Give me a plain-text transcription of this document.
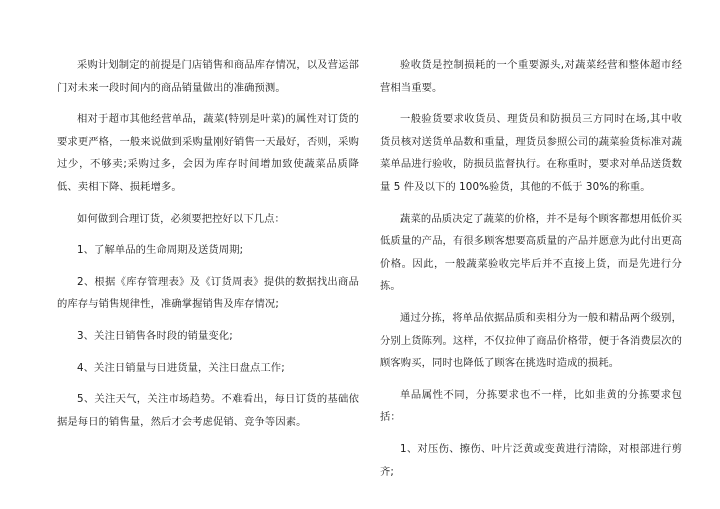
采购计划制定的前提是门店销售和商品库存情况，以及营运部门对未来一段时间内的商品销量做出的准确预测。

相对于超市其他经营单品，蔬菜(特别是叶菜)的属性对订货的要求更严格，一般来说做到采购量刚好销售一天最好，否则，采购过少，不够卖;采购过多，会因为库存时间增加致使蔬菜品质降低、卖相下降、损耗增多。

如何做到合理订货，必须要把控好以下几点：

1、了解单品的生命周期及送货周期;

2、根据《库存管理表》及《订货周表》提供的数据找出商品的库存与销售规律性，准确掌握销售及库存情况;

3、关注日销售各时段的销量变化;

4、关注日销量与日进货量，关注日盘点工作;

5、关注天气，关注市场趋势。不难看出，每日订货的基础依据是每日的销售量，然后才会考虑促销、竞争等因素。

验收货是控制损耗的一个重要源头,对蔬菜经营和整体超市经营相当重要。

一般验货要求收货员、理货员和防损员三方同时在场,其中收货员核对送货单品数和重量，理货员参照公司的蔬菜验货标准对蔬菜单品进行验收，防损员监督执行。在称重时，要求对单品送货数量 5 件及以下的 100%验货，其他的不低于 30%的称重。

蔬菜的品质决定了蔬菜的价格，并不是每个顾客都想用低价买低质量的产品，有很多顾客想要高质量的产品并愿意为此付出更高价格。因此，一般蔬菜验收完毕后并不直接上货，而是先进行分拣。

通过分拣，将单品依据品质和卖相分为一般和精品两个级别，分别上货陈列。这样，不仅拉伸了商品价格带，便于各消费层次的顾客购买，同时也降低了顾客在挑选时造成的损耗。

单品属性不同，分拣要求也不一样，比如韭黄的分拣要求包括：

1、对压伤、擦伤、叶片泛黄或变黄进行清除，对根部进行剪齐;
